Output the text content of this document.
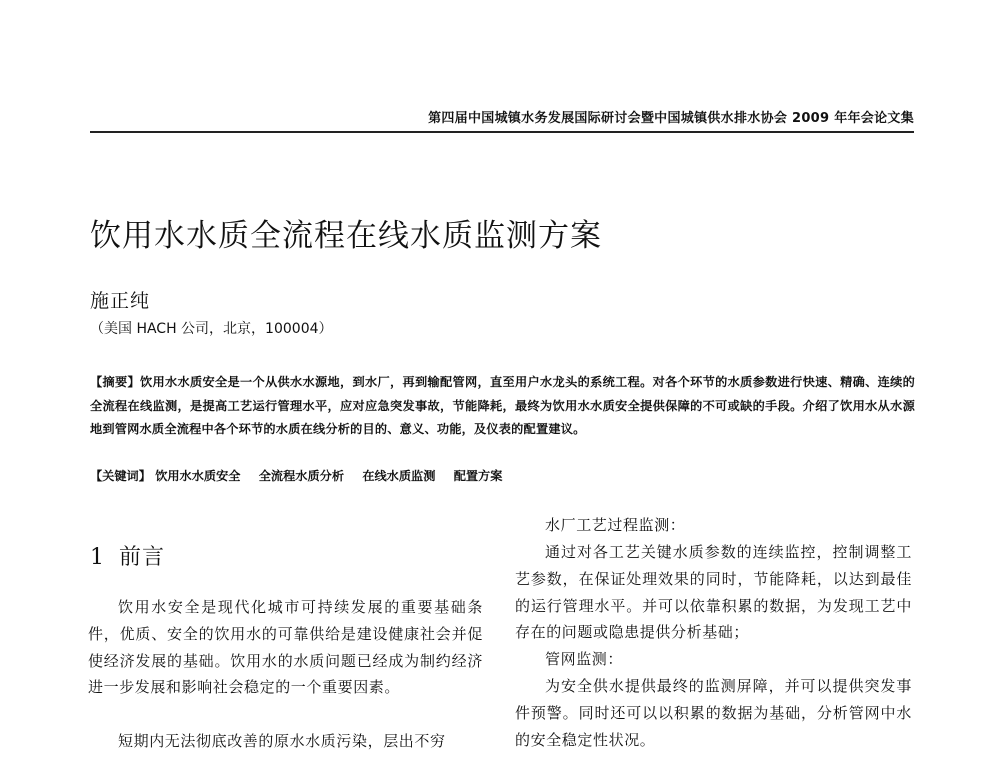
第四届中国城镇水务发展国际研讨会暨中国城镇供水排水协会 2009 年年会论文集
饮用水水质全流程在线水质监测方案
施正纯
（美国 HACH 公司，北京，100004）
【摘要】饮用水水质安全是一个从供水水源地，到水厂，再到输配管网，直至用户水龙头的系统工程。对各个环节的水质参数进行快速、精确、连续的全流程在线监测，是提高工艺运行管理水平，应对应急突发事故，节能降耗，最终为饮用水水质安全提供保障的不可或缺的手段。介绍了饮用水从水源地到管网水质全流程中各个环节的水质在线分析的目的、意义、功能，及仪表的配置建议。
【关键词】 饮用水水质安全 全流程水质分析 在线水质监测 配置方案
1 前言
饮用水安全是现代化城市可持续发展的重要基础条件，优质、安全的饮用水的可靠供给是建设健康社会并促使经济发展的基础。饮用水的水质问题已经成为制约经济进一步发展和影响社会稳定的一个重要因素。
短期内无法彻底改善的原水水质污染，层出不穷
水厂工艺过程监测：
通过对各工艺关键水质参数的连续监控，控制调整工艺参数，在保证处理效果的同时，节能降耗，以达到最佳的运行管理水平。并可以依靠积累的数据，为发现工艺中存在的问题或隐患提供分析基础；
管网监测：
为安全供水提供最终的监测屏障，并可以提供突发事件预警。同时还可以以积累的数据为基础，分析管网中水的安全稳定性状况。
